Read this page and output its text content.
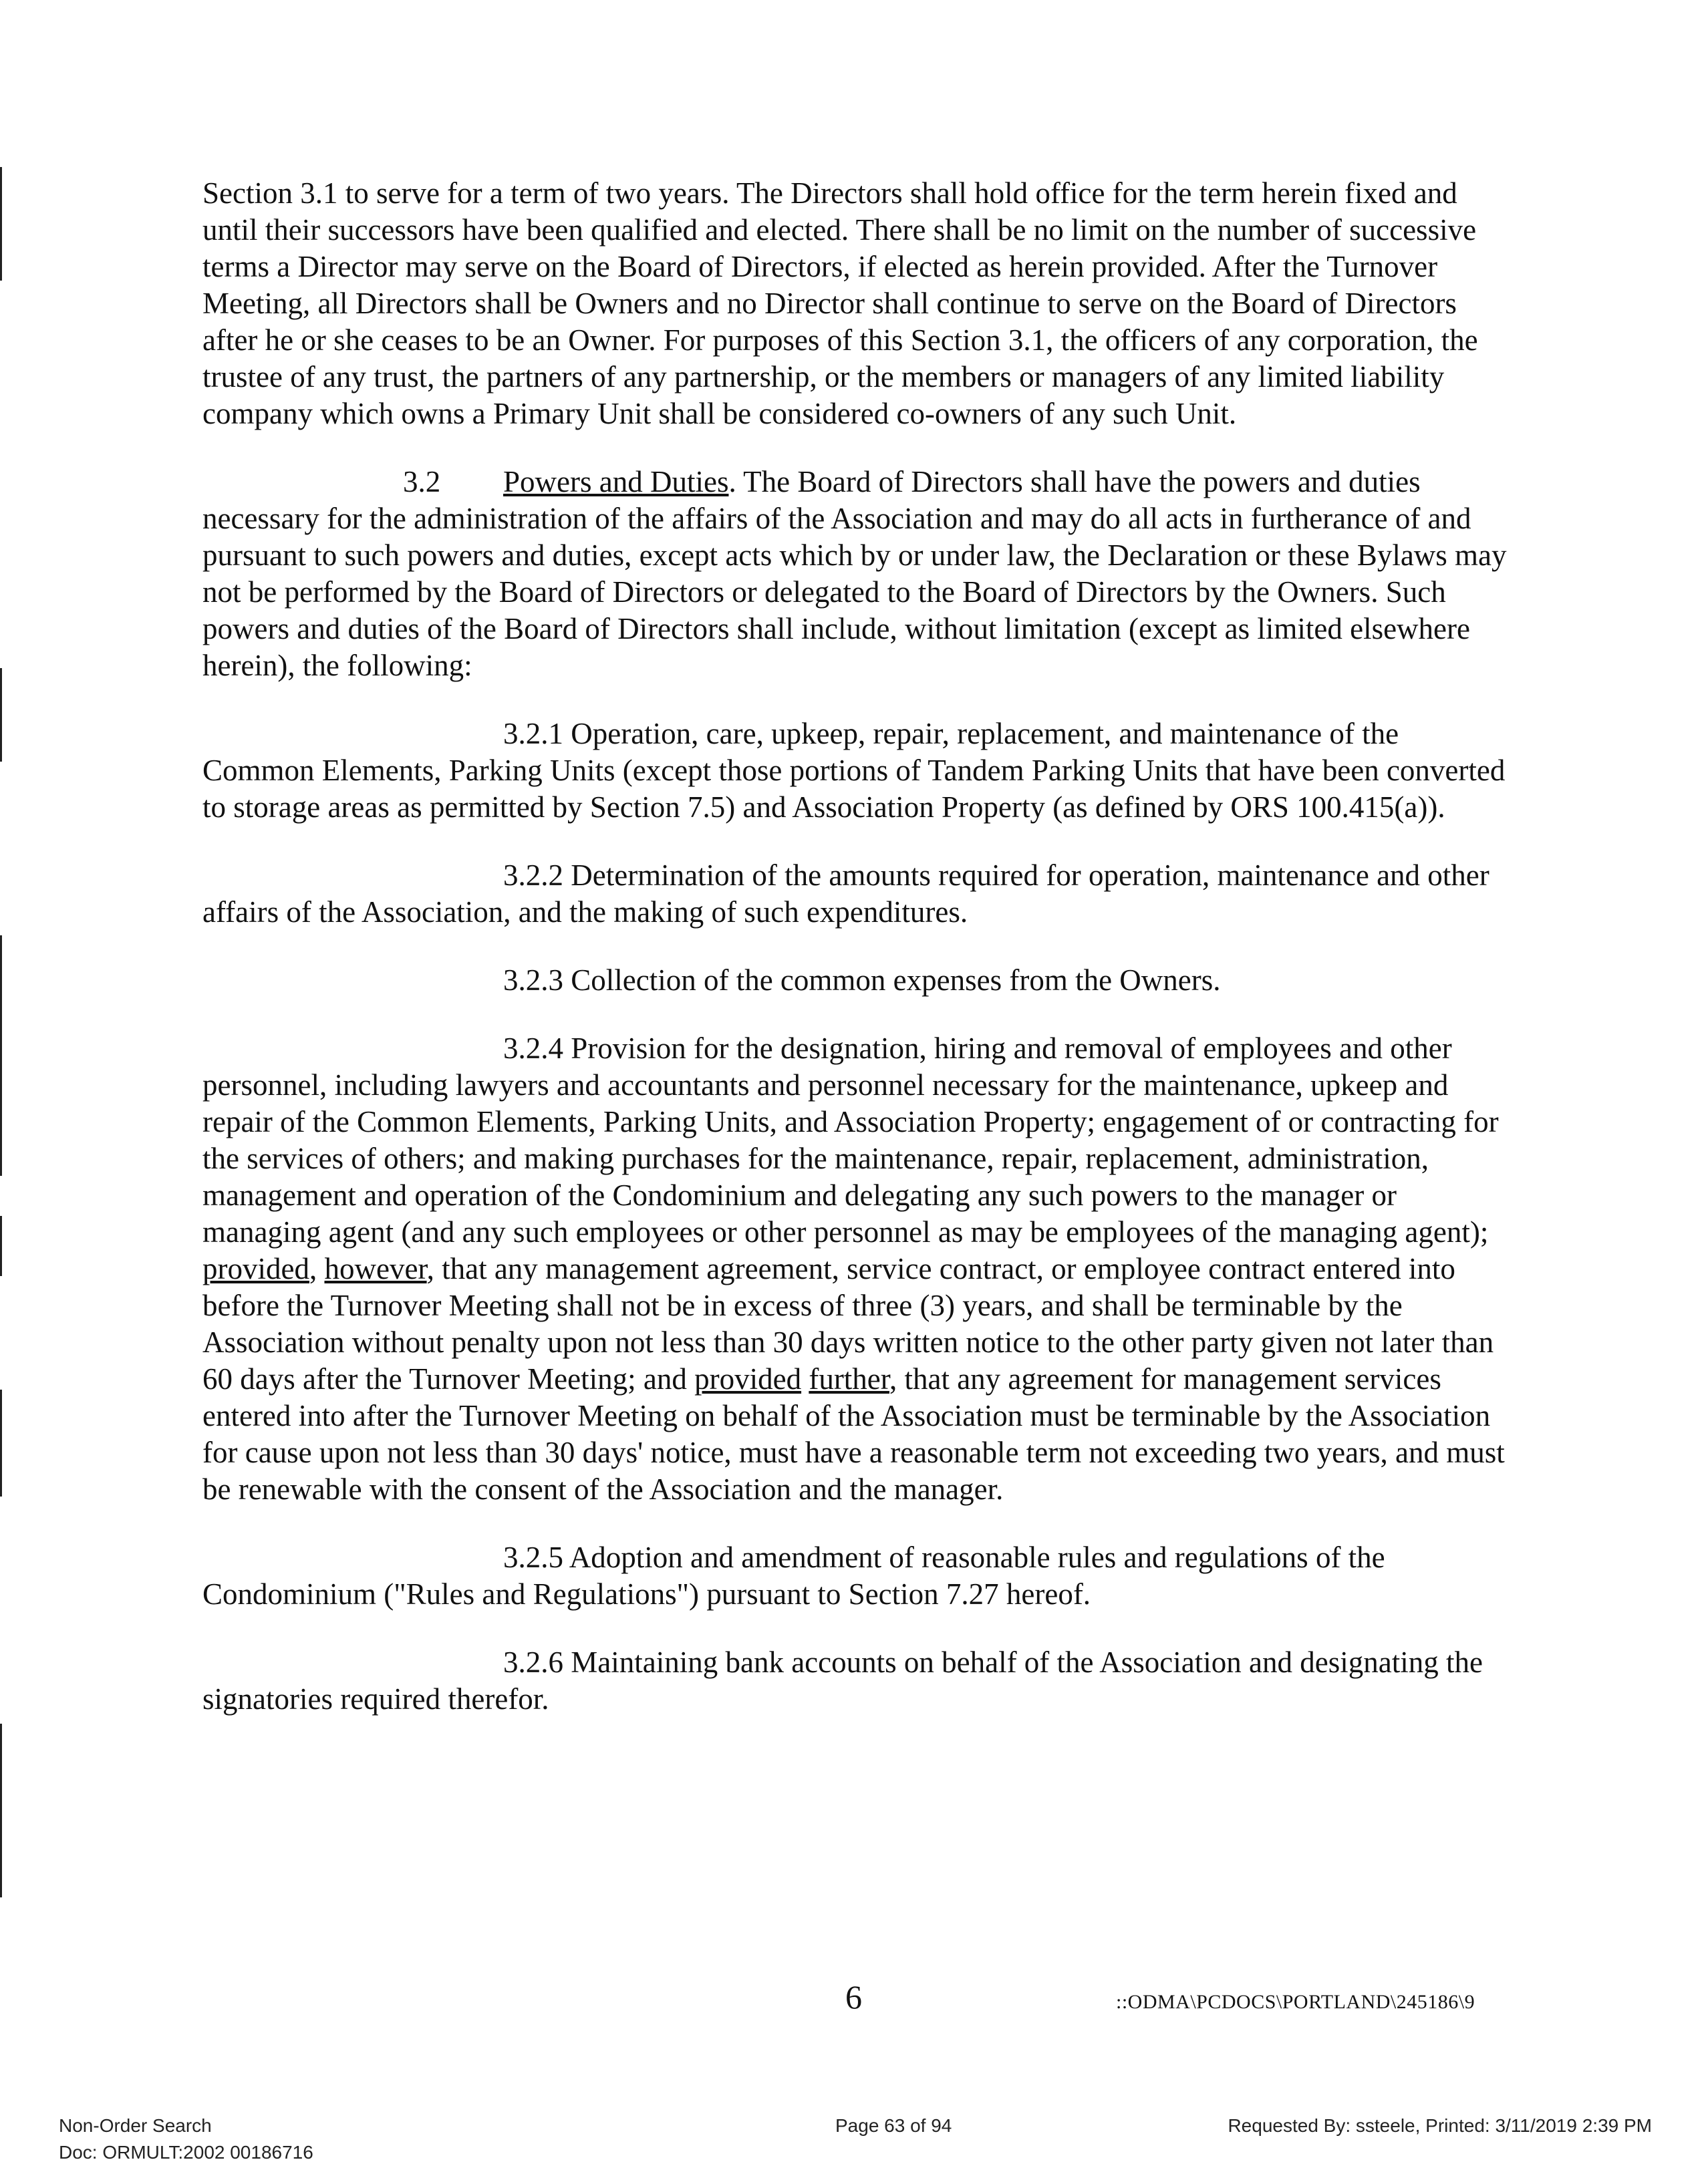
Section 3.1 to serve for a term of two years. The Directors shall hold office for the term herein fixed and until their successors have been qualified and elected. There shall be no limit on the number of successive terms a Director may serve on the Board of Directors, if elected as herein provided. After the Turnover Meeting, all Directors shall be Owners and no Director shall continue to serve on the Board of Directors after he or she ceases to be an Owner. For purposes of this Section 3.1, the officers of any corporation, the trustee of any trust, the partners of any partnership, or the members or managers of any limited liability company which owns a Primary Unit shall be considered co-owners of any such Unit.

3.2 Powers and Duties. The Board of Directors shall have the powers and duties necessary for the administration of the affairs of the Association and may do all acts in furtherance of and pursuant to such powers and duties, except acts which by or under law, the Declaration or these Bylaws may not be performed by the Board of Directors or delegated to the Board of Directors by the Owners. Such powers and duties of the Board of Directors shall include, without limitation (except as limited elsewhere herein), the following:

3.2.1 Operation, care, upkeep, repair, replacement, and maintenance of the Common Elements, Parking Units (except those portions of Tandem Parking Units that have been converted to storage areas as permitted by Section 7.5) and Association Property (as defined by ORS 100.415(a)).

3.2.2 Determination of the amounts required for operation, maintenance and other affairs of the Association, and the making of such expenditures.

3.2.3 Collection of the common expenses from the Owners.

3.2.4 Provision for the designation, hiring and removal of employees and other personnel, including lawyers and accountants and personnel necessary for the maintenance, upkeep and repair of the Common Elements, Parking Units, and Association Property; engagement of or contracting for the services of others; and making purchases for the maintenance, repair, replacement, administration, management and operation of the Condominium and delegating any such powers to the manager or managing agent (and any such employees or other personnel as may be employees of the managing agent); provided, however, that any management agreement, service contract, or employee contract entered into before the Turnover Meeting shall not be in excess of three (3) years, and shall be terminable by the Association without penalty upon not less than 30 days written notice to the other party given not later than 60 days after the Turnover Meeting; and provided further, that any agreement for management services entered into after the Turnover Meeting on behalf of the Association must be terminable by the Association for cause upon not less than 30 days' notice, must have a reasonable term not exceeding two years, and must be renewable with the consent of the Association and the manager.

3.2.5 Adoption and amendment of reasonable rules and regulations of the Condominium ("Rules and Regulations") pursuant to Section 7.27 hereof.

3.2.6 Maintaining bank accounts on behalf of the Association and designating the signatories required therefor.

6	::ODMA\PCDOCS\PORTLAND\245186\9
Non-Order Search
Doc: ORMULT:2002 00186716
Page 63 of 94	Requested By: ssteele, Printed: 3/11/2019 2:39 PM
